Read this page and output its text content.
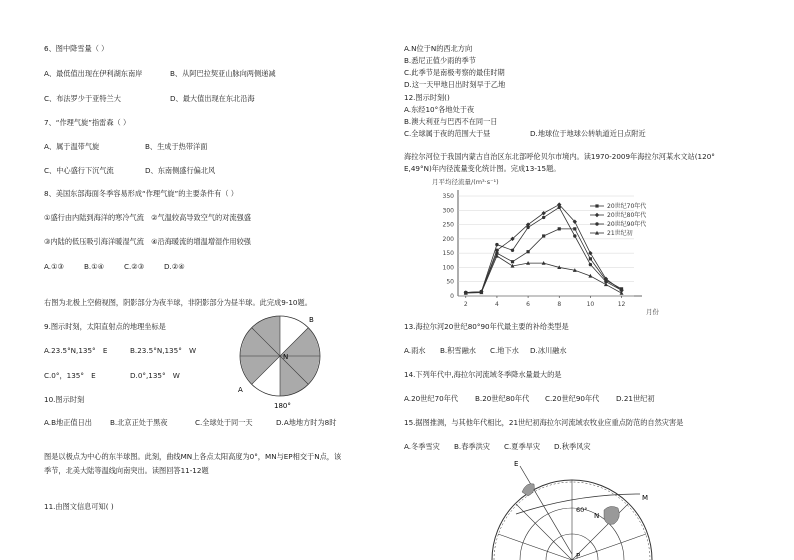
6、图中降雪量（ ）
A、最低值出现在伊利湖东南岸	B、从阿巴拉契亚山脉向两侧递减
C、布法罗少于亚特兰大	D、最大值出现在东北沿海
7、“作理气旋”指雷森（ ）
A、属于温带气旋	B、生成于热带洋面
C、中心盛行下沉气流	D、东南侧盛行偏北风
8、美国东部海面冬季容易形成“作理气旋”的主要条件有（ ）
①盛行由内陆到海洋的寒冷气流　②气温较高导致空气的对流强盛
③内陆的低压吸引海洋暖湿气流　④沿海暖流的增温增湿作用较强
A.①③	B.①④	C.②③	D.②④
右图为北极上空俯视图，阴影部分为夜半球，非阴影部分为昼半球。此完成9-10题。
9.图示时刻，太阳直射点的地理坐标是
A.23.5°N,135°　E	B.23.5°N,135°　W
C.0°，135°　E	D.0°,135°　W
10.图示时刻
A.B地正值日出	B.北京正处于黑夜	C.全球处于同一天	D.A地地方时为8时
图是以极点为中心的东半球图。此刻，曲线MN上各点太阳高度为0°，MN与EP相交于N点，该
季节，北美大陆等温线向南突出。读图回答11-12题
11.由图文信息可知( )
N
B
A
180°
A.N位于N的西北方向
B.悉尼正值少雨的季节
C.此季节是南极考察的最佳时期
D.这一天甲地日出时刻早于乙地
12.图示时刻()
A.东经10°各地处于夜
B.澳大利亚与巴西不在同一日
C.全球属于夜的范围大于昼	D.地球位于地球公转轨道近日点附近
海拉尔河位于我国内蒙古自治区东北部呼伦贝尔市境内。读1970-2009年海拉尔河某水文站(120°
E,49°N)年内径流量变化统计图。完成13-15题。
月平均径流量/(m³·s⁻¹)
月份
0
50
100
150
200
250
300
350
2	4	6	8	10	12
20世纪70年代
20世纪80年代
20世纪90年代
21世纪初
13.海拉尔河20世纪80°90年代最主要的补给类型是
A.雨水 B.积雪融水 C.地下水 D.冰川融水
14.下列年代中,海拉尔河流域冬季降水量最大的是
A.20世纪70年代 B.20世纪80年代 C.20世纪90年代 D.21世纪初
15.据图推测，与其他年代相比，21世纪初海拉尔河流域农牧业应重点防范的自然灾害是
A.冬季雪灾 B.春季洪灾 C.夏季旱灾 D.秋季风灾
E
P
M
N
60°
